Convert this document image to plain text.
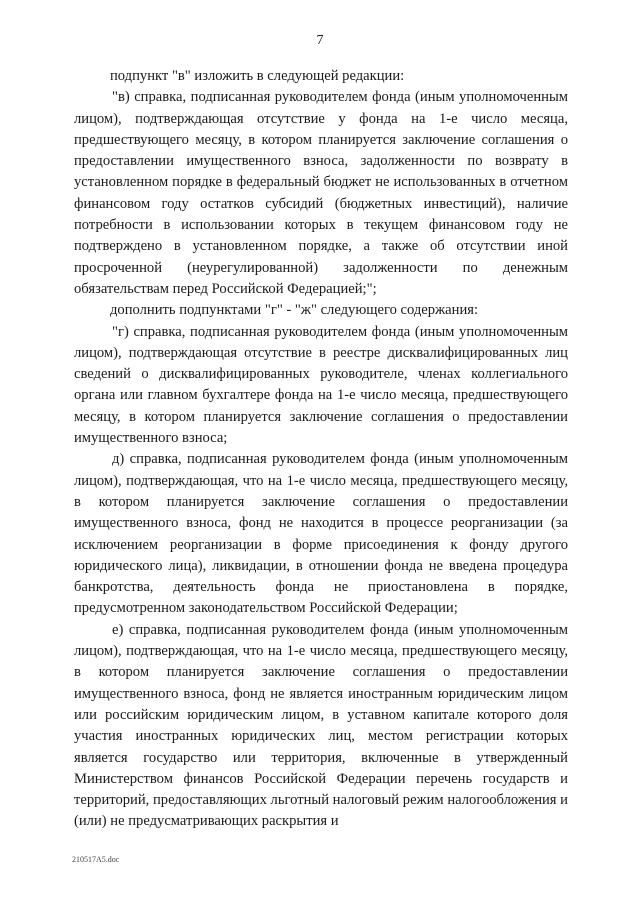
7

подпункт "в" изложить в следующей редакции:

"в) справка, подписанная руководителем фонда (иным уполномоченным лицом), подтверждающая отсутствие у фонда на 1-е число месяца, предшествующего месяцу, в котором планируется заключение соглашения о предоставлении имущественного взноса, задолженности по возврату в установленном порядке в федеральный бюджет не использованных в отчетном финансовом году остатков субсидий (бюджетных инвестиций), наличие потребности в использовании которых в текущем финансовом году не подтверждено в установленном порядке, а также об отсутствии иной просроченной (неурегулированной) задолженности по денежным обязательствам перед Российской Федерацией;";

дополнить подпунктами "г" - "ж" следующего содержания:

"г) справка, подписанная руководителем фонда (иным уполномоченным лицом), подтверждающая отсутствие в реестре дисквалифицированных лиц сведений о дисквалифицированных руководителе, членах коллегиального органа или главном бухгалтере фонда на 1-е число месяца, предшествующего месяцу, в котором планируется заключение соглашения о предоставлении имущественного взноса;

д) справка, подписанная руководителем фонда (иным уполномоченным лицом), подтверждающая, что на 1-е число месяца, предшествующего месяцу, в котором планируется заключение соглашения о предоставлении имущественного взноса, фонд не находится в процессе реорганизации (за исключением реорганизации в форме присоединения к фонду другого юридического лица), ликвидации, в отношении фонда не введена процедура банкротства, деятельность фонда не приостановлена в порядке, предусмотренном законодательством Российской Федерации;

е) справка, подписанная руководителем фонда (иным уполномоченным лицом), подтверждающая, что на 1-е число месяца, предшествующего месяцу, в котором планируется заключение соглашения о предоставлении имущественного взноса, фонд не является иностранным юридическим лицом или российским юридическим лицом, в уставном капитале которого доля участия иностранных юридических лиц, местом регистрации которых является государство или территория, включенные в утвержденный Министерством финансов Российской Федерации перечень государств и территорий, предоставляющих льготный налоговый режим налогообложения и (или) не предусматривающих раскрытия и

210517А5.doc
